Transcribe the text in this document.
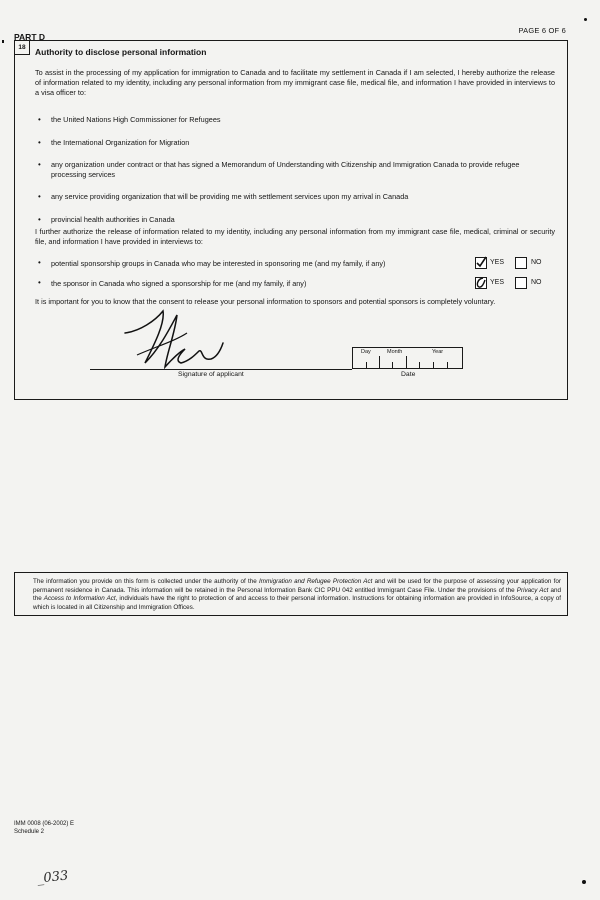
PAGE 6 OF 6
PART D
18	Authority to disclose personal information
To assist in the processing of my application for immigration to Canada and to facilitate my settlement in Canada if I am selected, I hereby authorize the release of information related to my identity, including any personal information from my immigrant case file, medical file, and information I have provided in interviews to a visa officer to:
• the United Nations High Commissioner for Refugees
• the International Organization for Migration
• any organization under contract or that has signed a Memorandum of Understanding with Citizenship and Immigration Canada to provide refugee processing services
• any service providing organization that will be providing me with settlement services upon my arrival in Canada
• provincial health authorities in Canada
I further authorize the release of information related to my identity, including any personal information from my immigrant case file, medical, criminal or security file, and information I have provided in interviews to:
• potential sponsorship groups in Canada who may be interested in sponsoring me (and my family, if any)	YES	NO
• the sponsor in Canada who signed a sponsorship for me (and my family, if any)	YES	NO
It is important for you to know that the consent to release your personal information to sponsors and potential sponsors is completely voluntary.
Signature of applicant
Day	Month	Year
Date
The information you provide on this form is collected under the authority of the Immigration and Refugee Protection Act and will be used for the purpose of assessing your application for permanent residence in Canada. This information will be retained in the Personal Information Bank CIC PPU 042 entitled Immigrant Case File. Under the provisions of the Privacy Act and the Access to Information Act, individuals have the right to protection of and access to their personal information. Instructions for obtaining information are provided in InfoSource, a copy of which is located in all Citizenship and Immigration Offices.
IMM 0008 (06-2002) E
Schedule 2
_033
